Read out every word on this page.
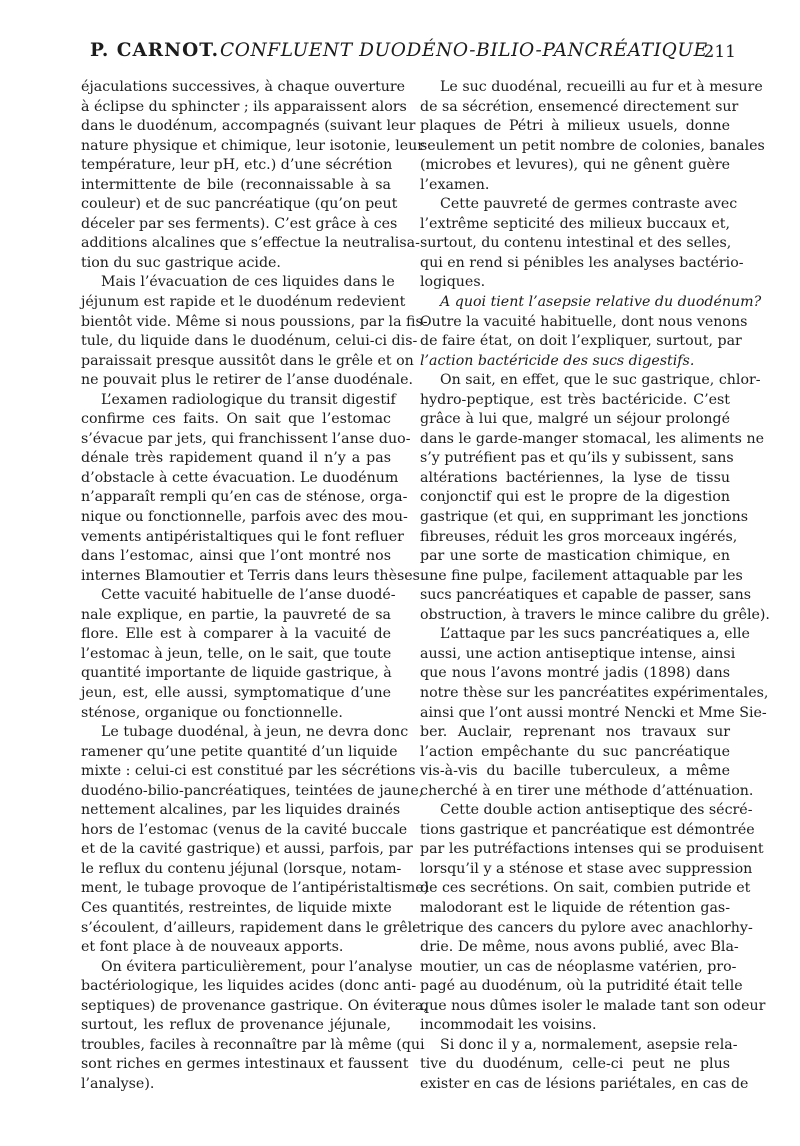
P. CARNOT. CONFLUENT DUODÉNO-BILIO-PANCRÉATIQUE
211

éjaculations successives, à chaque ouverture
à éclipse du sphincter ; ils apparaissent alors
dans le duodénum, accompagnés (suivant leur
nature physique et chimique, leur isotonie, leur
température, leur pH, etc.) d’une sécrétion
intermittente de bile (reconnaissable à sa
couleur) et de suc pancréatique (qu’on peut
déceler par ses ferments). C’est grâce à ces
additions alcalines que s’effectue la neutralisa-
tion du suc gastrique acide.

Mais l’évacuation de ces liquides dans le
jéjunum est rapide et le duodénum redevient
bientôt vide. Même si nous poussions, par la fis-
tule, du liquide dans le duodénum, celui-ci dis-
paraissait presque aussitôt dans le grêle et on
ne pouvait plus le retirer de l’anse duodénale.

L’examen radiologique du transit digestif
confirme ces faits. On sait que l’estomac
s’évacue par jets, qui franchissent l’anse duo-
dénale très rapidement quand il n’y a pas
d’obstacle à cette évacuation. Le duodénum
n’apparaît rempli qu’en cas de sténose, orga-
nique ou fonctionnelle, parfois avec des mou-
vements antipéristaltiques qui le font refluer
dans l’estomac, ainsi que l’ont montré nos
internes Blamoutier et Terris dans leurs thèses.

Cette vacuité habituelle de l’anse duodé-
nale explique, en partie, la pauvreté de sa
flore. Elle est à comparer à la vacuité de
l’estomac à jeun, telle, on le sait, que toute
quantité importante de liquide gastrique, à
jeun, est, elle aussi, symptomatique d’une
sténose, organique ou fonctionnelle.

Le tubage duodénal, à jeun, ne devra donc
ramener qu’une petite quantité d’un liquide
mixte : celui-ci est constitué par les sécrétions
duodéno-bilio-pancréatiques, teintées de jaune,
nettement alcalines, par les liquides drainés
hors de l’estomac (venus de la cavité buccale
et de la cavité gastrique) et aussi, parfois, par
le reflux du contenu jéjunal (lorsque, notam-
ment, le tubage provoque de l’antipéristaltisme)
Ces quantités, restreintes, de liquide mixte
s’écoulent, d’ailleurs, rapidement dans le grêle
et font place à de nouveaux apports.

On évitera particulièrement, pour l’analyse
bactériologique, les liquides acides (donc anti-
septiques) de provenance gastrique. On évitera,
surtout, les reflux de provenance jéjunale,
troubles, faciles à reconnaître par là même (qui
sont riches en germes intestinaux et faussent
l’analyse).

Le suc duodénal, recueilli au fur et à mesure
de sa sécrétion, ensemencé directement sur
plaques de Pétri à milieux usuels, donne
seulement un petit nombre de colonies, banales
(microbes et levures), qui ne gênent guère
l’examen.

Cette pauvreté de germes contraste avec
l’extrême septicité des milieux buccaux et,
surtout, du contenu intestinal et des selles,
qui en rend si pénibles les analyses bactério-
logiques.

A quoi tient l’asepsie relative du duodénum?
Outre la vacuité habituelle, dont nous venons
de faire état, on doit l’expliquer, surtout, par
l’action bactéricide des sucs digestifs.

On sait, en effet, que le suc gastrique, chlor-
hydro-peptique, est très bactéricide. C’est
grâce à lui que, malgré un séjour prolongé
dans le garde-manger stomacal, les aliments ne
s’y putréfient pas et qu’ils y subissent, sans
altérations bactériennes, la lyse de tissu
conjonctif qui est le propre de la digestion
gastrique (et qui, en supprimant les jonctions
fibreuses, réduit les gros morceaux ingérés,
par une sorte de mastication chimique, en
une fine pulpe, facilement attaquable par les
sucs pancréatiques et capable de passer, sans
obstruction, à travers le mince calibre du grêle).

L’attaque par les sucs pancréatiques a, elle
aussi, une action antiseptique intense, ainsi
que nous l’avons montré jadis (1898) dans
notre thèse sur les pancréatites expérimentales,
ainsi que l’ont aussi montré Nencki et Mme Sie-
ber. Auclair, reprenant nos travaux sur
l’action empêchante du suc pancréatique
vis-à-vis du bacille tuberculeux, a même
cherché à en tirer une méthode d’atténuation.

Cette double action antiseptique des sécré-
tions gastrique et pancréatique est démontrée
par les putréfactions intenses qui se produisent
lorsqu’il y a sténose et stase avec suppression
de ces secrétions. On sait, combien putride et
malodorant est le liquide de rétention gas-
trique des cancers du pylore avec anachlorhy-
drie. De même, nous avons publié, avec Bla-
moutier, un cas de néoplasme vatérien, pro-
pagé au duodénum, où la putridité était telle
que nous dûmes isoler le malade tant son odeur
incommodait les voisins.

Si donc il y a, normalement, asepsie rela-
tive du duodénum, celle-ci peut ne plus
exister en cas de lésions pariétales, en cas de
